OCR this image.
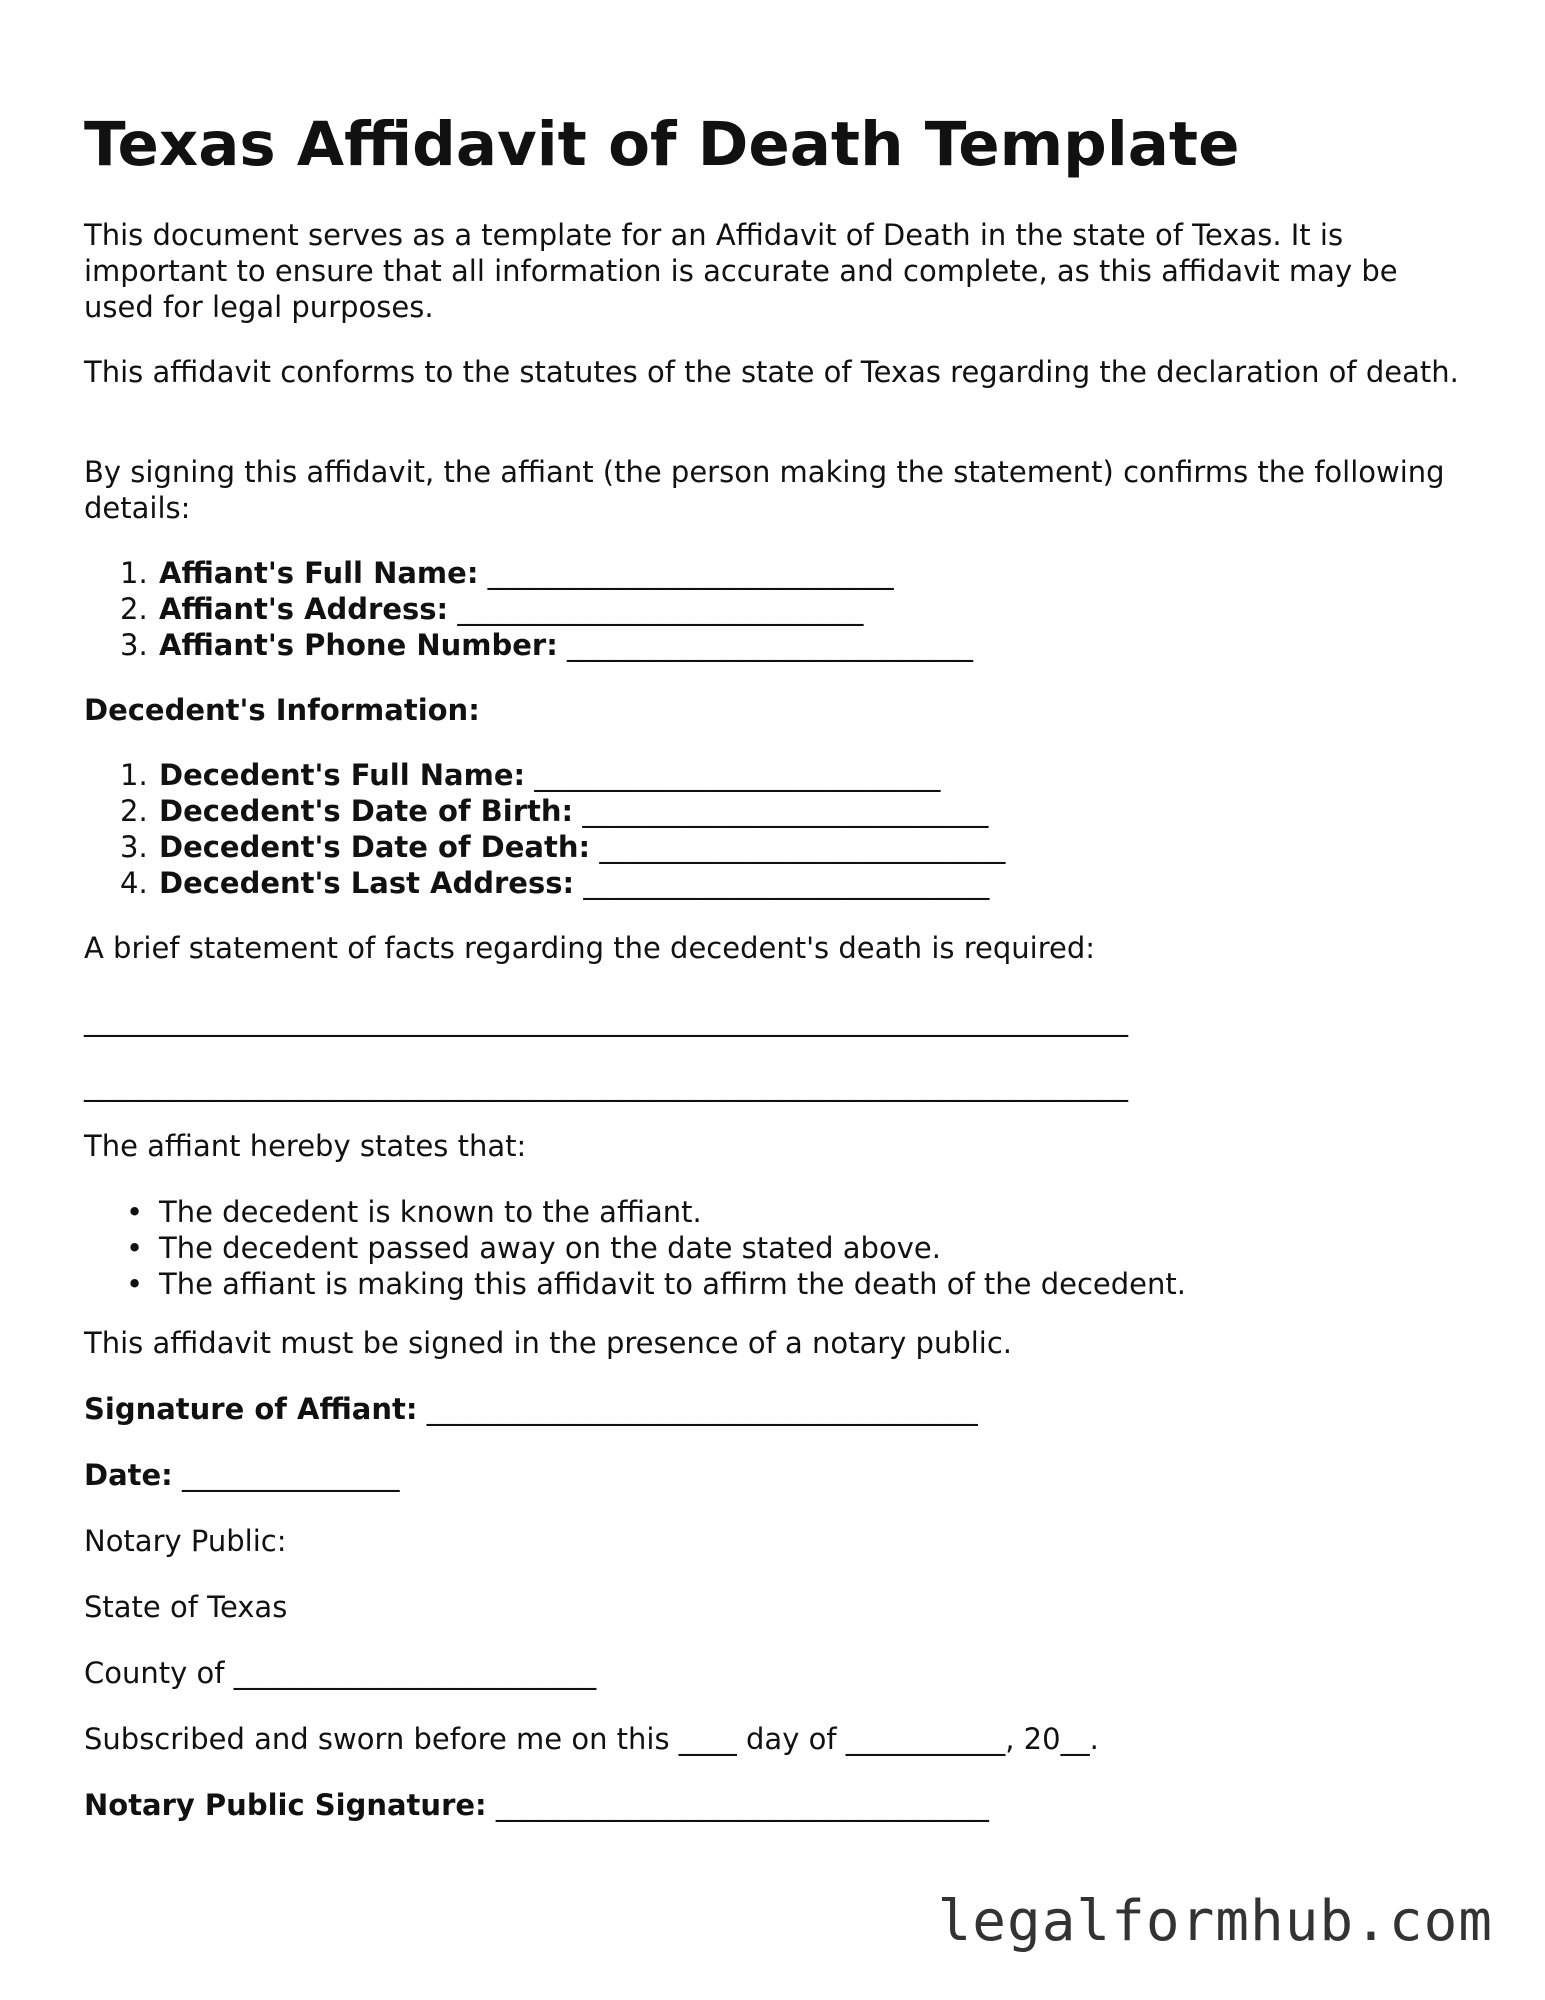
Texas Affidavit of Death Template

This document serves as a template for an Affidavit of Death in the state of Texas. It is important to ensure that all information is accurate and complete, as this affidavit may be used for legal purposes.

This affidavit conforms to the statutes of the state of Texas regarding the declaration of death.

By signing this affidavit, the affiant (the person making the statement) confirms the following details:

1. Affiant's Full Name: ____________________________
2. Affiant's Address: ____________________________
3. Affiant's Phone Number: ____________________________

Decedent's Information:

1. Decedent's Full Name: ____________________________
2. Decedent's Date of Birth: ____________________________
3. Decedent's Date of Death: ____________________________
4. Decedent's Last Address: ____________________________

A brief statement of facts regarding the decedent's death is required:

________________________________________________________________________

________________________________________________________________________

The affiant hereby states that:

• The decedent is known to the affiant.
• The decedent passed away on the date stated above.
• The affiant is making this affidavit to affirm the death of the decedent.

This affidavit must be signed in the presence of a notary public.

Signature of Affiant: ______________________________________

Date: _______________

Notary Public:

State of Texas

County of _________________________

Subscribed and sworn before me on this ____ day of ___________, 20__.

Notary Public Signature: __________________________________

legalformhub.com
